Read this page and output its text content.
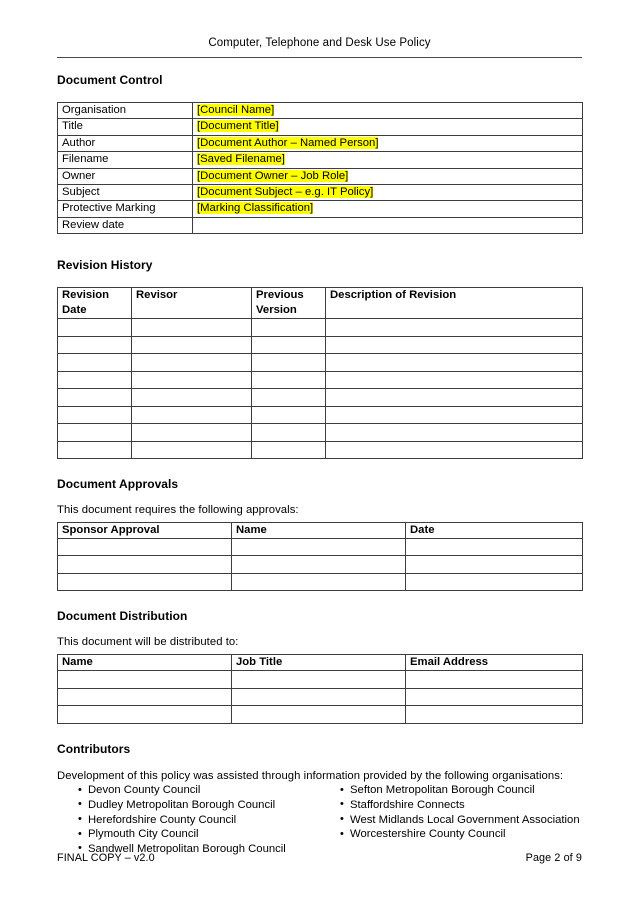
Computer, Telephone and Desk Use Policy
Document Control
Organisation	[Council Name]
Title	[Document Title]
Author	[Document Author – Named Person]
Filename	[Saved Filename]
Owner	[Document Owner – Job Role]
Subject	[Document Subject – e.g. IT Policy]
Protective Marking	[Marking Classification]
Review date	
Revision History
Revision Date	Revisor	Previous Version	Description of Revision

Document Approvals

This document requires the following approvals:

Sponsor Approval	Name	Date

Document Distribution

This document will be distributed to:

Name	Job Title	Email Address

Contributors

Development of this policy was assisted through information provided by the following organisations:

• Devon County Council
• Dudley Metropolitan Borough Council
• Herefordshire County Council
• Plymouth City Council
• Sandwell Metropolitan Borough Council
• Sefton Metropolitan Borough Council
• Staffordshire Connects
• West Midlands Local Government Association
• Worcestershire County Council
FINAL COPY – v2.0	Page 2 of 9
